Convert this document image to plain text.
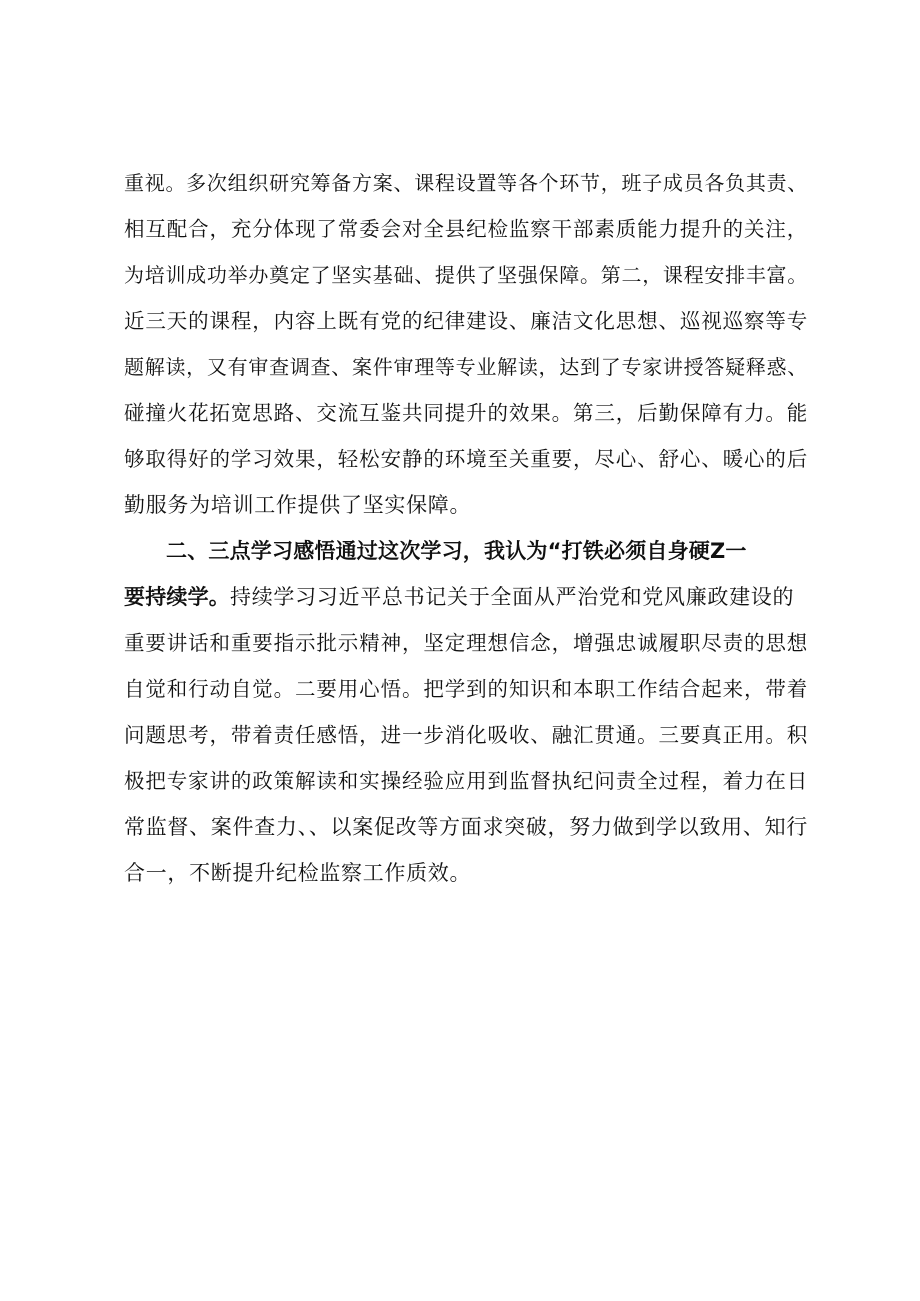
重视。多次组织研究筹备方案、课程设置等各个环节，班子成员各负其责、
相互配合，充分体现了常委会对全县纪检监察干部素质能力提升的关注，
为培训成功举办奠定了坚实基础、提供了坚强保障。第二，课程安排丰富。
近三天的课程，内容上既有党的纪律建设、廉洁文化思想、巡视巡察等专
题解读，又有审查调查、案件审理等专业解读，达到了专家讲授答疑释惑、
碰撞火花拓宽思路、交流互鉴共同提升的效果。第三，后勤保障有力。能
够取得好的学习效果，轻松安静的环境至关重要，尽心、舒心、暖心的后
勤服务为培训工作提供了坚实保障。
二、三点学习感悟通过这次学习，我认为“打铁必须自身硬Z一
要持续学。持续学习习近平总书记关于全面从严治党和党风廉政建设的
重要讲话和重要指示批示精神，坚定理想信念，增强忠诚履职尽责的思想
自觉和行动自觉。二要用心悟。把学到的知识和本职工作结合起来，带着
问题思考，带着责任感悟，进一步消化吸收、融汇贯通。三要真正用。积
极把专家讲的政策解读和实操经验应用到监督执纪问责全过程，着力在日
常监督、案件查力、、以案促改等方面求突破，努力做到学以致用、知行
合一，不断提升纪检监察工作质效。
